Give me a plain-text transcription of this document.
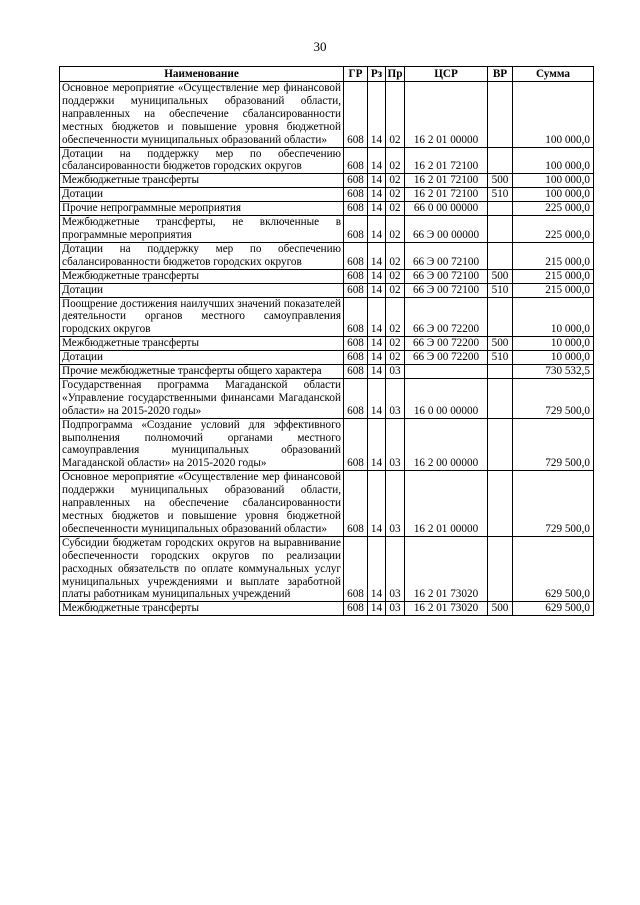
30
Наименование	ГР	Рз	Пр	ЦСР	ВР	Сумма
Основное мероприятие «Осуществление мер финансовой поддержки муниципальных образований области, направленных на обеспечение сбалансированности местных бюджетов и повышение уровня бюджетной обеспеченности муниципальных образований области»	608	14	02	16 2 01 00000		100 000,0
Дотации на поддержку мер по обеспечению сбалансированности бюджетов городских округов	608	14	02	16 2 01 72100		100 000,0
Межбюджетные трансферты	608	14	02	16 2 01 72100	500	100 000,0
Дотации	608	14	02	16 2 01 72100	510	100 000,0
Прочие непрограммные мероприятия	608	14	02	66 0 00 00000		225 000,0
Межбюджетные трансферты, не включенные в программные мероприятия	608	14	02	66 Э 00 00000		225 000,0
Дотации на поддержку мер по обеспечению сбалансированности бюджетов городских округов	608	14	02	66 Э 00 72100		215 000,0
Межбюджетные трансферты	608	14	02	66 Э 00 72100	500	215 000,0
Дотации	608	14	02	66 Э 00 72100	510	215 000,0
Поощрение достижения наилучших значений показателей деятельности органов местного самоуправления городских округов	608	14	02	66 Э 00 72200		10 000,0
Межбюджетные трансферты	608	14	02	66 Э 00 72200	500	10 000,0
Дотации	608	14	02	66 Э 00 72200	510	10 000,0
Прочие межбюджетные трансферты общего характера	608	14	03			730 532,5
Государственная программа Магаданской области «Управление государственными финансами Магаданской области» на 2015-2020 годы»	608	14	03	16 0 00 00000		729 500,0
Подпрограмма «Создание условий для эффективного выполнения полномочий органами местного самоуправления муниципальных образований Магаданской области» на 2015-2020 годы»	608	14	03	16 2 00 00000		729 500,0
Основное мероприятие «Осуществление мер финансовой поддержки муниципальных образований области, направленных на обеспечение сбалансированности местных бюджетов и повышение уровня бюджетной обеспеченности муниципальных образований области»	608	14	03	16 2 01 00000		729 500,0
Субсидии бюджетам городских округов на выравнивание обеспеченности городских округов по реализации расходных обязательств по оплате коммунальных услуг муниципальных учреждениями и выплате заработной платы работникам муниципальных учреждений	608	14	03	16 2 01 73020		629 500,0
Межбюджетные трансферты	608	14	03	16 2 01 73020	500	629 500,0
